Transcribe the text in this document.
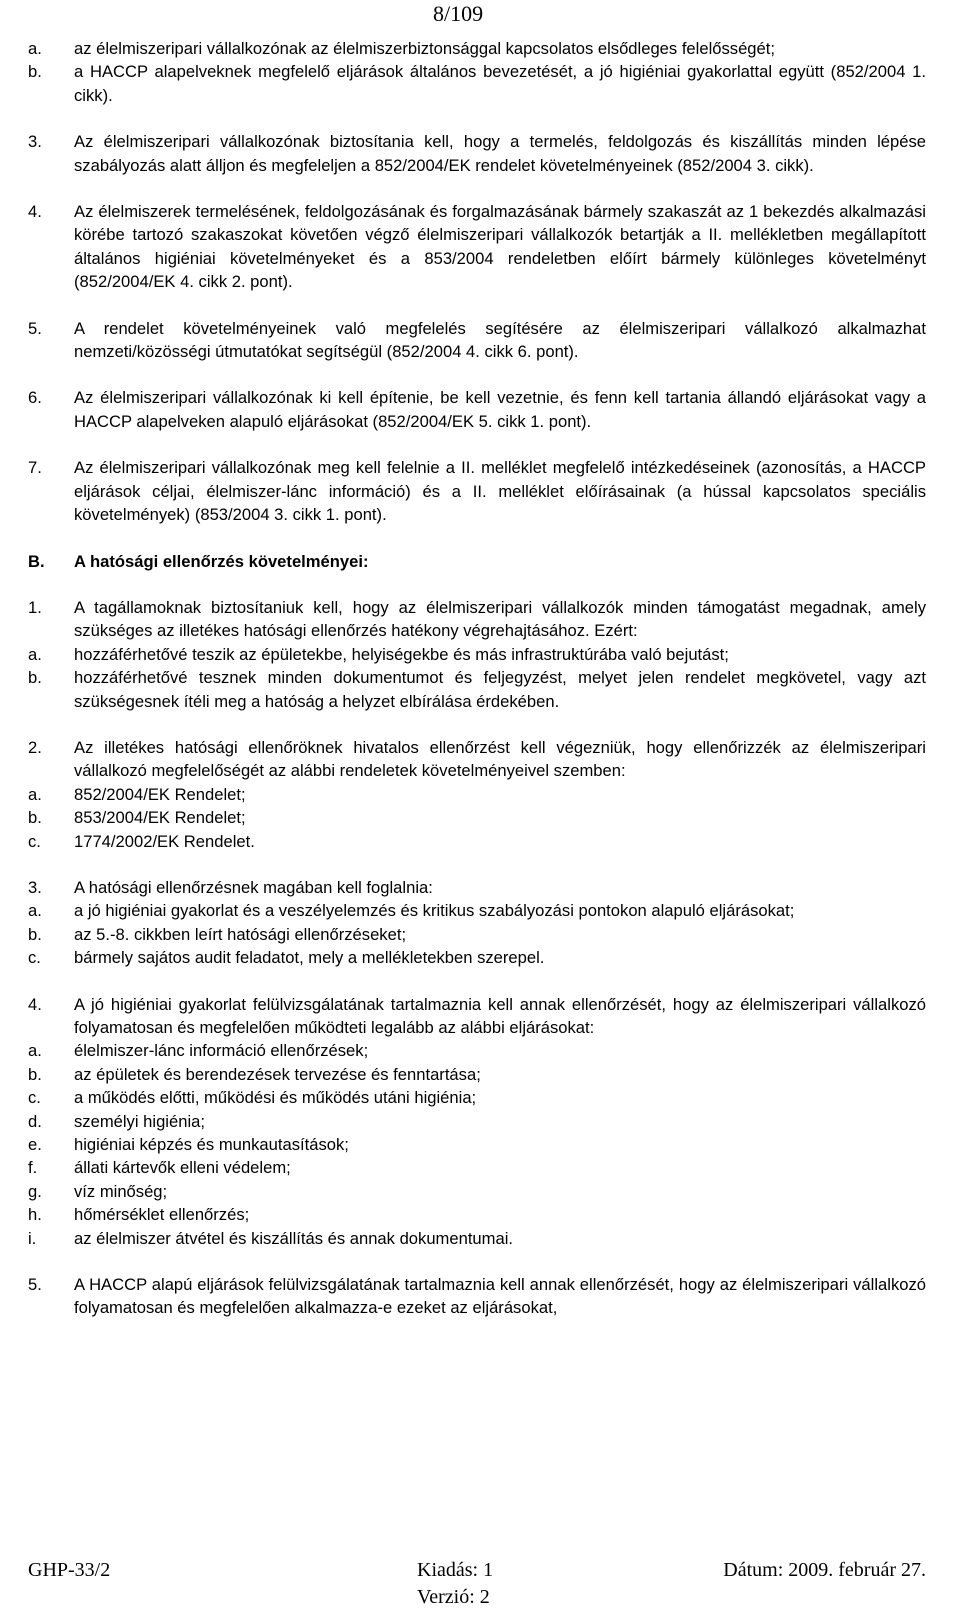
8/109
a.	az élelmiszeripari vállalkozónak az élelmiszerbiztonsággal kapcsolatos elsődleges felelősségét;
b.	a HACCP alapelveknek megfelelő eljárások általános bevezetését, a jó higiéniai gyakorlattal együtt (852/2004 1. cikk).
3.	Az élelmiszeripari vállalkozónak biztosítania kell, hogy a termelés, feldolgozás és kiszállítás minden lépése szabályozás alatt álljon és megfeleljen a 852/2004/EK rendelet követelményeinek (852/2004 3. cikk).
4.	Az élelmiszerek termelésének, feldolgozásának és forgalmazásának bármely szakaszát az 1 bekezdés alkalmazási körébe tartozó szakaszokat követően végző élelmiszeripari vállalkozók betartják a II. mellékletben megállapított általános higiéniai követelményeket és a 853/2004 rendeletben előírt bármely különleges követelményt (852/2004/EK 4. cikk 2. pont).
5.	A rendelet követelményeinek való megfelelés segítésére az élelmiszeripari vállalkozó alkalmazhat nemzeti/közösségi útmutatókat segítségül (852/2004 4. cikk 6. pont).
6.	Az élelmiszeripari vállalkozónak ki kell építenie, be kell vezetnie, és fenn kell tartania állandó eljárásokat vagy a HACCP alapelveken alapuló eljárásokat (852/2004/EK 5. cikk 1. pont).
7.	Az élelmiszeripari vállalkozónak meg kell felelnie a II. melléklet megfelelő intézkedéseinek (azonosítás, a HACCP eljárások céljai, élelmiszer-lánc információ) és a II. melléklet előírásainak (a hússal kapcsolatos speciális követelmények) (853/2004 3. cikk 1. pont).
B.	A hatósági ellenőrzés követelményei:
1.	A tagállamoknak biztosítaniuk kell, hogy az élelmiszeripari vállalkozók minden támogatást megadnak, amely szükséges az illetékes hatósági ellenőrzés hatékony végrehajtásához. Ezért:
a.	hozzáférhetővé teszik az épületekbe, helyiségekbe és más infrastruktúrába való bejutást;
b.	hozzáférhetővé tesznek minden dokumentumot és feljegyzést, melyet jelen rendelet megkövetel, vagy azt szükségesnek ítéli meg a hatóság a helyzet elbírálása érdekében.
2.	Az illetékes hatósági ellenőröknek hivatalos ellenőrzést kell végezniük, hogy ellenőrizzék az élelmiszeripari vállalkozó megfelelőségét az alábbi rendeletek követelményeivel szemben:
a.	852/2004/EK Rendelet;
b.	853/2004/EK Rendelet;
c.	1774/2002/EK Rendelet.
3.	A hatósági ellenőrzésnek magában kell foglalnia:
a.	a jó higiéniai gyakorlat és a veszélyelemzés és kritikus szabályozási pontokon alapuló eljárásokat;
b.	az 5.-8. cikkben leírt hatósági ellenőrzéseket;
c.	bármely sajátos audit feladatot, mely a mellékletekben szerepel.
4.	A jó higiéniai gyakorlat felülvizsgálatának tartalmaznia kell annak ellenőrzését, hogy az élelmiszeripari vállalkozó folyamatosan és megfelelően működteti legalább az alábbi eljárásokat:
a.	élelmiszer-lánc információ ellenőrzések;
b.	az épületek és berendezések tervezése és fenntartása;
c.	a működés előtti, működési és működés utáni higiénia;
d.	személyi higiénia;
e.	higiéniai képzés és munkautasítások;
f.	állati kártevők elleni védelem;
g.	víz minőség;
h.	hőmérséklet ellenőrzés;
i.	az élelmiszer átvétel és kiszállítás és annak dokumentumai.
5.	A HACCP alapú eljárások felülvizsgálatának tartalmaznia kell annak ellenőrzését, hogy az élelmiszeripari vállalkozó folyamatosan és megfelelően alkalmazza-e ezeket az eljárásokat,
GHP-33/2	Kiadás: 1	Dátum: 2009. február 27.
Verzió: 2
